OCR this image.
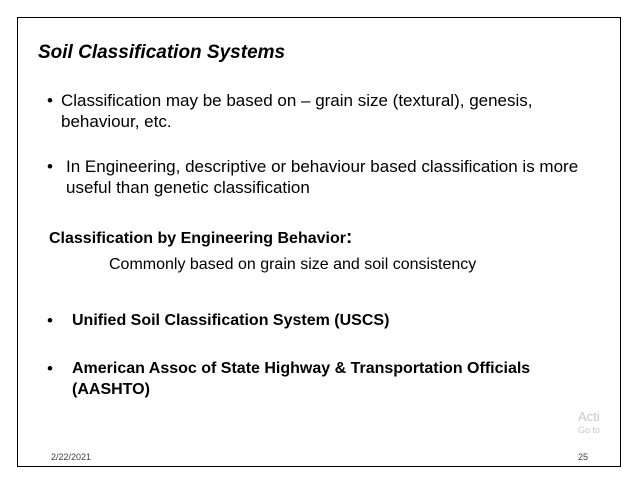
Soil Classification Systems
• Classification may be based on – grain size (textural), genesis, behaviour, etc.
• In Engineering, descriptive or behaviour based classification is more useful than genetic classification
Classification by Engineering Behavior:
Commonly based on grain size and soil consistency
• Unified Soil Classification System (USCS)
• American Assoc of State Highway & Transportation Officials (AASHTO)
2/22/2021	25
Acti
Go to
